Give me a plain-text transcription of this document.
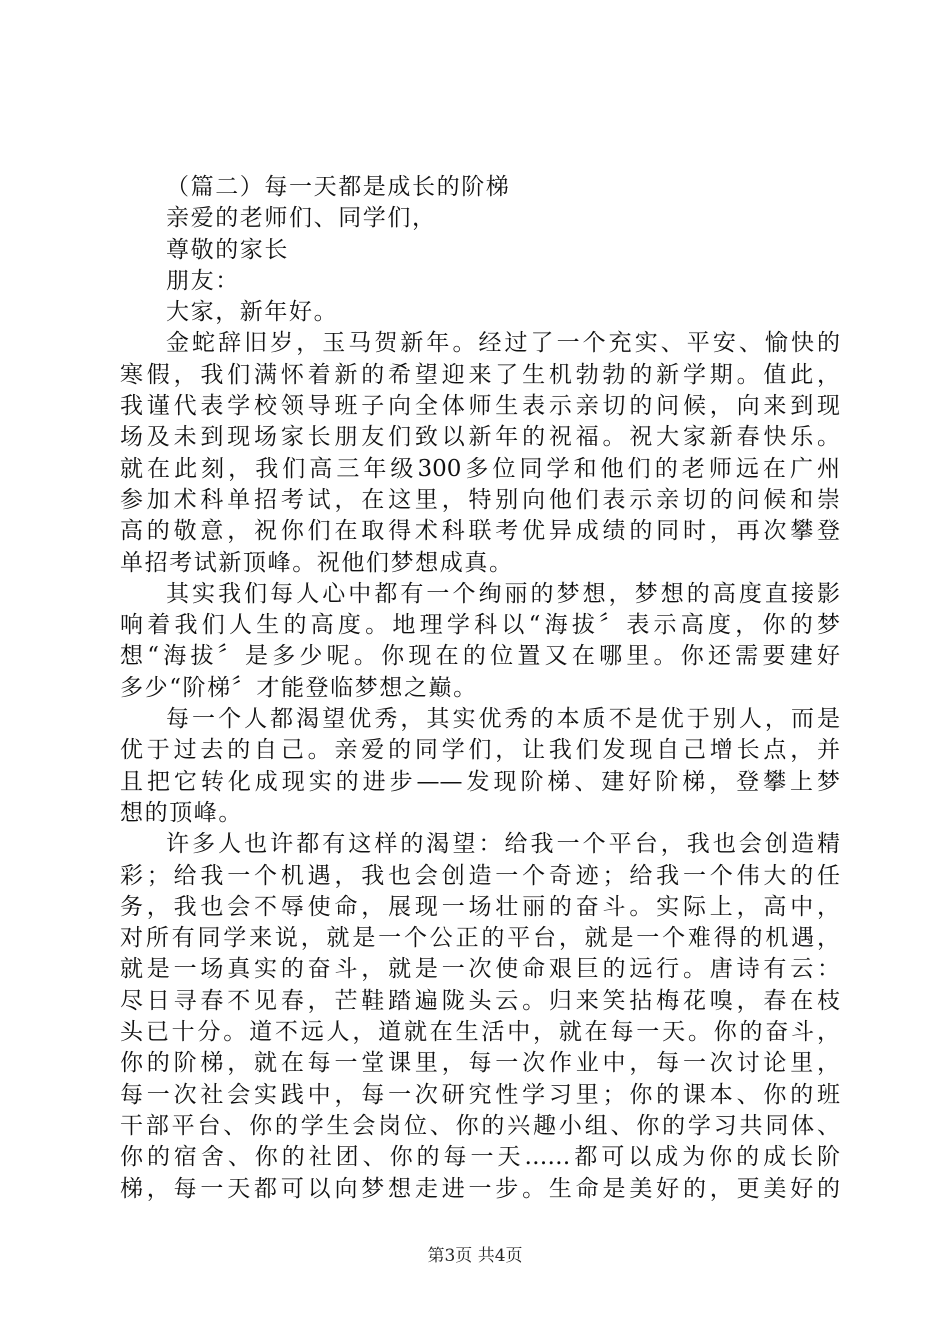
（篇二）每一天都是成长的阶梯
亲爱的老师们、同学们，
尊敬的家长
朋友：
大家，新年好。
金蛇辞旧岁，玉马贺新年。经过了一个充实、平安、愉快的
寒假，我们满怀着新的希望迎来了生机勃勃的新学期。值此，
我谨代表学校领导班子向全体师生表示亲切的问候，向来到现
场及未到现场家长朋友们致以新年的祝福。祝大家新春快乐。
就在此刻，我们高三年级300多位同学和他们的老师远在广州
参加术科单招考试，在这里，特别向他们表示亲切的问候和崇
高的敬意，祝你们在取得术科联考优异成绩的同时，再次攀登
单招考试新顶峰。祝他们梦想成真。
其实我们每人心中都有一个绚丽的梦想，梦想的高度直接影
响着我们人生的高度。地理学科以“海拔〞表示高度，你的梦
想“海拔〞是多少呢。你现在的位置又在哪里。你还需要建好
多少“阶梯〞才能登临梦想之巅。
每一个人都渴望优秀，其实优秀的本质不是优于别人，而是
优于过去的自己。亲爱的同学们，让我们发现自己增长点，并
且把它转化成现实的进步——发现阶梯、建好阶梯，登攀上梦
想的顶峰。
许多人也许都有这样的渴望：给我一个平台，我也会创造精
彩；给我一个机遇，我也会创造一个奇迹；给我一个伟大的任
务，我也会不辱使命，展现一场壮丽的奋斗。实际上，高中，
对所有同学来说，就是一个公正的平台，就是一个难得的机遇，
就是一场真实的奋斗，就是一次使命艰巨的远行。唐诗有云：
尽日寻春不见春，芒鞋踏遍陇头云。归来笑拈梅花嗅，春在枝
头已十分。道不远人，道就在生活中，就在每一天。你的奋斗，
你的阶梯，就在每一堂课里，每一次作业中，每一次讨论里，
每一次社会实践中，每一次研究性学习里；你的课本、你的班
干部平台、你的学生会岗位、你的兴趣小组、你的学习共同体、
你的宿舍、你的社团、你的每一天……都可以成为你的成长阶
梯，每一天都可以向梦想走进一步。生命是美好的，更美好的
第3页 共4页
